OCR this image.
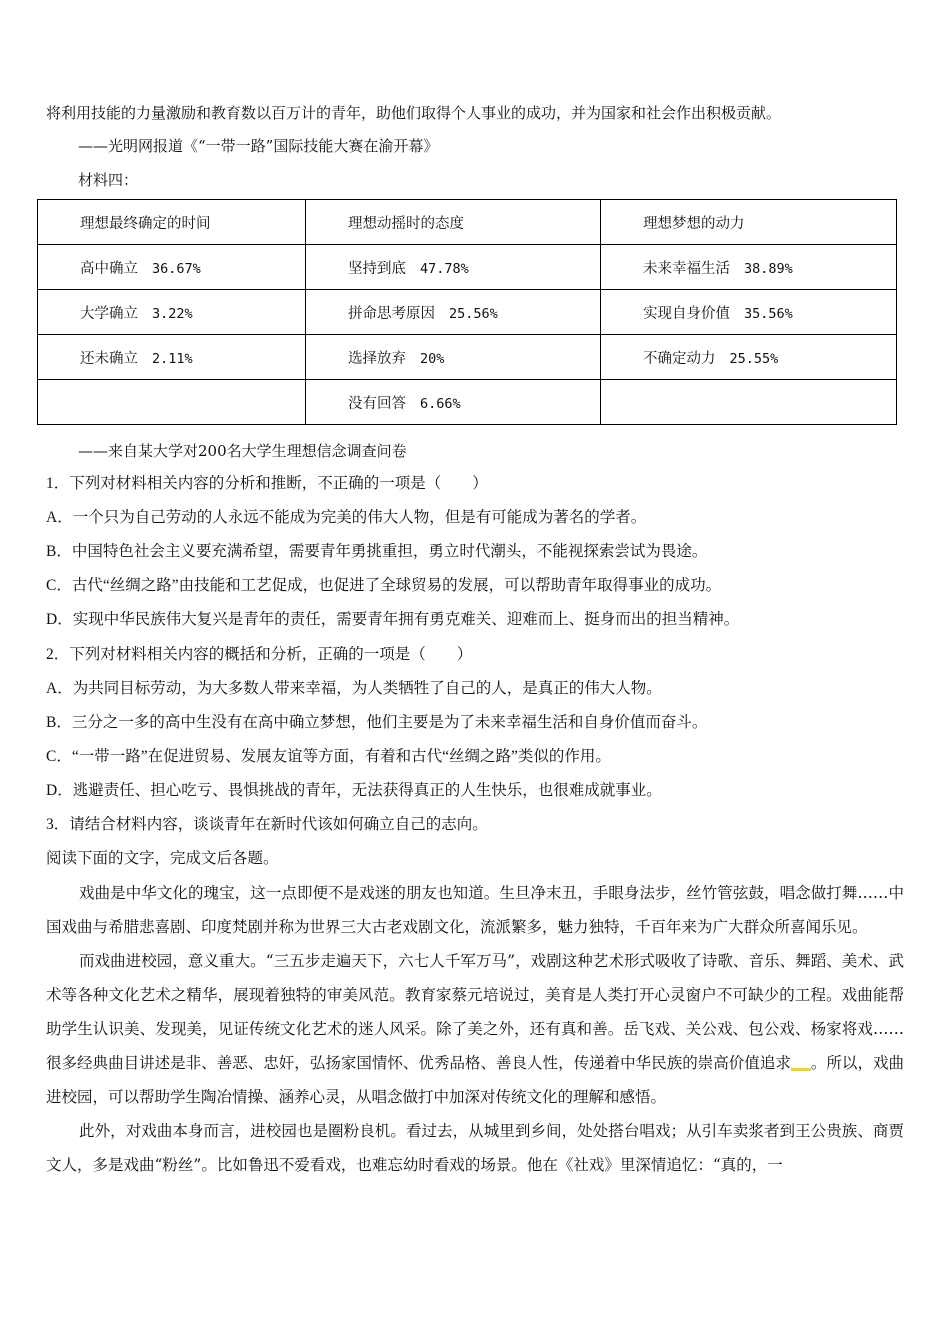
将利用技能的力量激励和教育数以百万计的青年，助他们取得个人事业的成功，并为国家和社会作出积极贡献。
——光明网报道《“一带一路”国际技能大赛在渝开幕》
材料四：
理想最终确定的时间	理想动摇时的态度	理想梦想的动力
高中确立 36.67%	坚持到底 47.78%	未来幸福生活 38.89%
大学确立 3.22%	拼命思考原因 25.56%	实现自身价值 35.56%
还未确立 2.11%	选择放弃 20%	不确定动力 25.55%
	没有回答 6.66%	
——来自某大学对200名大学生理想信念调查问卷
1．下列对材料相关内容的分析和推断，不正确的一项是（　　）
A．一个只为自己劳动的人永远不能成为完美的伟大人物，但是有可能成为著名的学者。
B．中国特色社会主义要充满希望，需要青年勇挑重担，勇立时代潮头，不能视探索尝试为畏途。
C．古代“丝绸之路”由技能和工艺促成，也促进了全球贸易的发展，可以帮助青年取得事业的成功。
D．实现中华民族伟大复兴是青年的责任，需要青年拥有勇克难关、迎难而上、挺身而出的担当精神。
2．下列对材料相关内容的概括和分析，正确的一项是（　　）
A．为共同目标劳动，为大多数人带来幸福，为人类牺牲了自己的人，是真正的伟大人物。
B．三分之一多的高中生没有在高中确立梦想，他们主要是为了未来幸福生活和自身价值而奋斗。
C．“一带一路”在促进贸易、发展友谊等方面，有着和古代“丝绸之路”类似的作用。
D．逃避责任、担心吃亏、畏惧挑战的青年，无法获得真正的人生快乐，也很难成就事业。
3．请结合材料内容，谈谈青年在新时代该如何确立自己的志向。
阅读下面的文字，完成文后各题。

戏曲是中华文化的瑰宝，这一点即便不是戏迷的朋友也知道。生旦净末丑，手眼身法步，丝竹管弦鼓，唱念做打舞……中国戏曲与希腊悲喜剧、印度梵剧并称为世界三大古老戏剧文化，流派繁多，魅力独特，千百年来为广大群众所喜闻乐见。

而戏曲进校园，意义重大。“三五步走遍天下，六七人千军万马”，戏剧这种艺术形式吸收了诗歌、音乐、舞蹈、美术、武术等各种文化艺术之精华，展现着独特的审美风范。教育家蔡元培说过，美育是人类打开心灵窗户不可缺少的工程。戏曲能帮助学生认识美、发现美，见证传统文化艺术的迷人风采。除了美之外，还有真和善。岳飞戏、关公戏、包公戏、杨家将戏……很多经典曲目讲述是非、善恶、忠奸，弘扬家国情怀、优秀品格、善良人性，传递着中华民族的崇高价值追求 。所以，戏曲进校园，可以帮助学生陶冶情操、涵养心灵，从唱念做打中加深对传统文化的理解和感悟。

此外，对戏曲本身而言，进校园也是圈粉良机。看过去，从城里到乡间，处处搭台唱戏；从引车卖浆者到王公贵族、商贾文人，多是戏曲“粉丝”。比如鲁迅不爱看戏，也难忘幼时看戏的场景。他在《社戏》里深情追忆：“真的，一
